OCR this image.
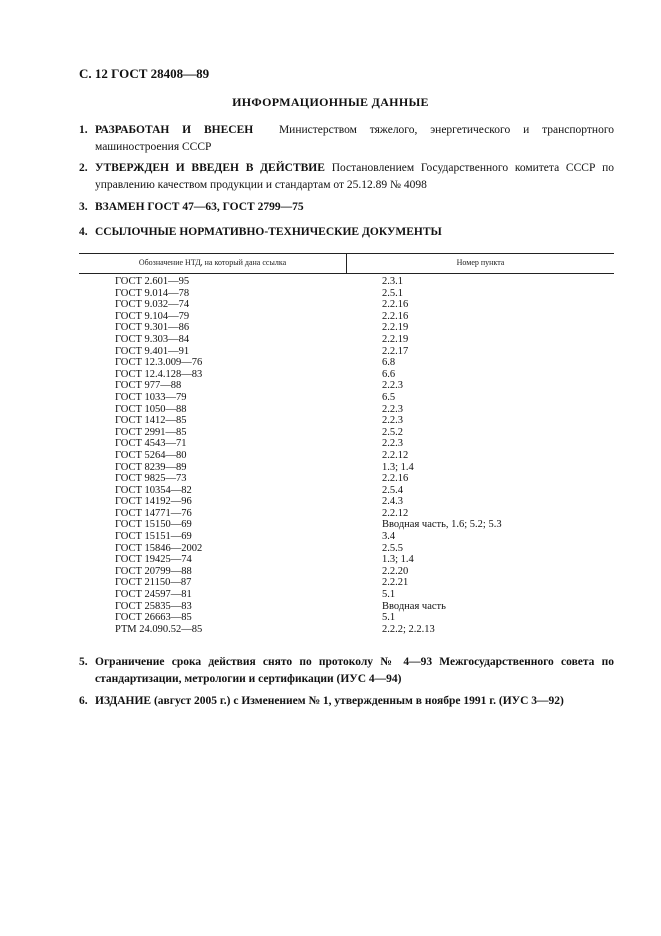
С. 12 ГОСТ 28408—89
ИНФОРМАЦИОННЫЕ ДАННЫЕ
1. РАЗРАБОТАН И ВНЕСЕН Министерством тяжелого, энергетического и транспортного машиностроения СССР
2. УТВЕРЖДЕН И ВВЕДЕН В ДЕЙСТВИЕ Постановлением Государственного комитета СССР по управлению качеством продукции и стандартам от 25.12.89 № 4098
3. ВЗАМЕН ГОСТ 47—63, ГОСТ 2799—75
4. ССЫЛОЧНЫЕ НОРМАТИВНО-ТЕХНИЧЕСКИЕ ДОКУМЕНТЫ
Обозначение НТД, на который дана ссылка	Номер пункта
ГОСТ 2.601—95
ГОСТ 9.014—78
ГОСТ 9.032—74
ГОСТ 9.104—79
ГОСТ 9.301—86
ГОСТ 9.303—84
ГОСТ 9.401—91
ГОСТ 12.3.009—76
ГОСТ 12.4.128—83
ГОСТ 977—88
ГОСТ 1033—79
ГОСТ 1050—88
ГОСТ 1412—85
ГОСТ 2991—85
ГОСТ 4543—71
ГОСТ 5264—80
ГОСТ 8239—89
ГОСТ 9825—73
ГОСТ 10354—82
ГОСТ 14192—96
ГОСТ 14771—76
ГОСТ 15150—69
ГОСТ 15151—69
ГОСТ 15846—2002
ГОСТ 19425—74
ГОСТ 20799—88
ГОСТ 21150—87
ГОСТ 24597—81
ГОСТ 25835—83
ГОСТ 26663—85
РТМ 24.090.52—85
2.3.1
2.5.1
2.2.16
2.2.16
2.2.19
2.2.19
2.2.17
6.8
6.6
2.2.3
6.5
2.2.3
2.2.3
2.5.2
2.2.3
2.2.12
1.3; 1.4
2.2.16
2.5.4
2.4.3
2.2.12
Вводная часть, 1.6; 5.2; 5.3
3.4
2.5.5
1.3; 1.4
2.2.20
2.2.21
5.1
Вводная часть
5.1
2.2.2; 2.2.13
5. Ограничение срока действия снято по протоколу № 4—93 Межгосударственного совета по стандартизации, метрологии и сертификации (ИУС 4—94)
6. ИЗДАНИЕ (август 2005 г.) с Изменением № 1, утвержденным в ноябре 1991 г. (ИУС 3—92)
